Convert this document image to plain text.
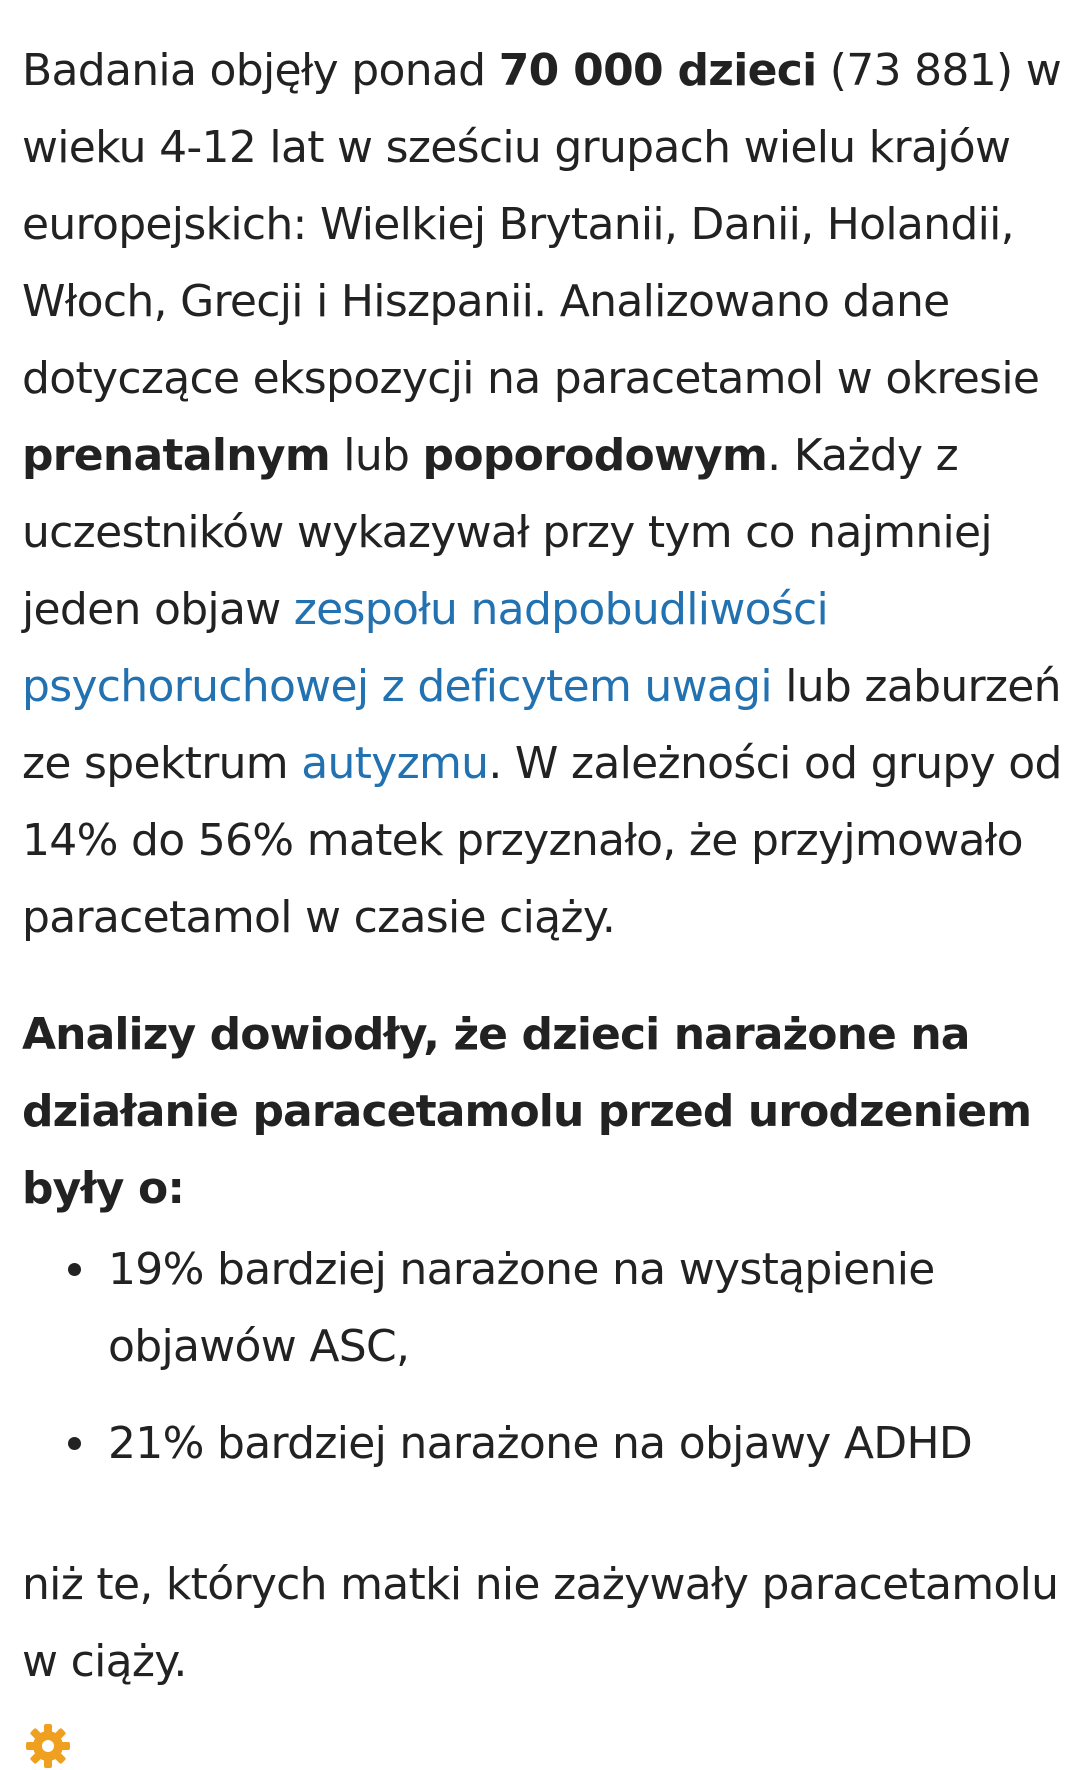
Badania objęły ponad 70 000 dzieci (73 881) w wieku 4-12 lat w sześciu grupach wielu krajów europejskich: Wielkiej Brytanii, Danii, Holandii, Włoch, Grecji i Hiszpanii. Analizowano dane dotyczące ekspozycji na paracetamol w okresie prenatalnym lub poporodowym. Każdy z uczestników wykazywał przy tym co najmniej jeden objaw zespołu nadpobudliwości psychoruchowej z deficytem uwagi lub zaburzeń ze spektrum autyzmu. W zależności od grupy od 14% do 56% matek przyznało, że przyjmowało paracetamol w czasie ciąży.

Analizy dowiodły, że dzieci narażone na działanie paracetamolu przed urodzeniem były o:

19% bardziej narażone na wystąpienie objawów ASC,
21% bardziej narażone na objawy ADHD

niż te, których matki nie zażywały paracetamolu w ciąży.
